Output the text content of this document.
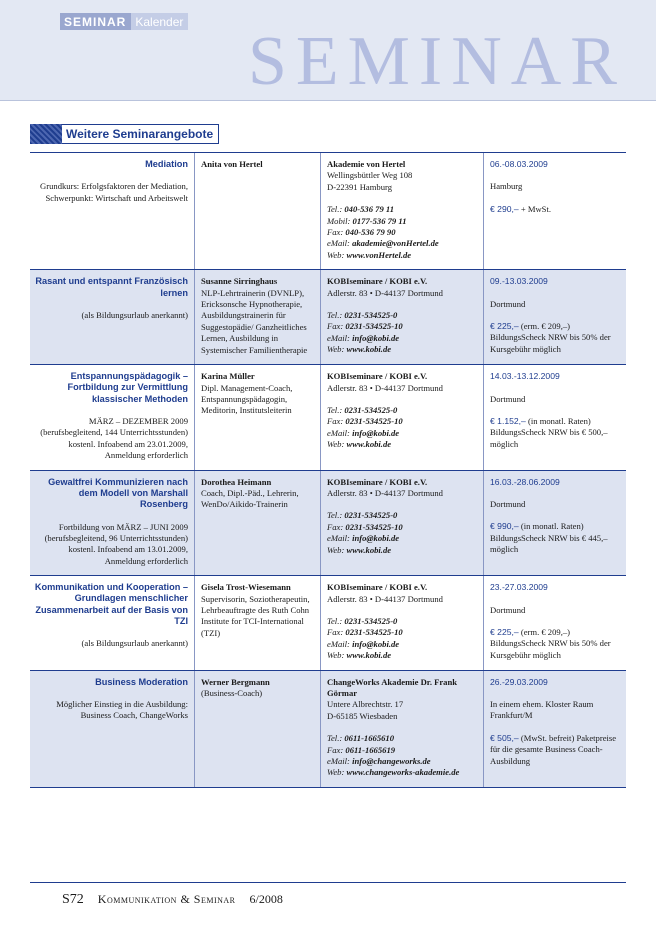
SEMINAR Kalender
SEMINAR
Weitere Seminarangebote
Mediation
Grundkurs: Erfolgsfaktoren der Mediation, Schwerpunkt: Wirtschaft und Arbeitswelt
Anita von Hertel	Akademie von Hertel
Wellingsbüttler Weg 108
D-22391 Hamburg
Tel.: 040-536 79 11
Mobil: 0177-536 79 11
Fax: 040-536 79 90
eMail: akademie@vonHertel.de
Web: www.vonHertel.de
06.-08.03.2009
Hamburg
€ 290,– + MwSt.
Rasant und entspannt Französisch lernen
(als Bildungsurlaub anerkannt)
Susanne Sirringhaus
NLP-Lehrtrainerin (DVNLP), Ericksonsche Hypnotherapie, Ausbildungstrainerin für Suggestopädie/ Ganzheitliches Lernen, Ausbildung in Systemischer Familientherapie
KOBIseminare / KOBI e.V.
Adlerstr. 83 • D-44137 Dortmund
Tel.: 0231-534525-0
Fax: 0231-534525-10
eMail: info@kobi.de
Web: www.kobi.de
09.-13.03.2009
Dortmund
€ 225,– (erm. € 209,–) BildungsScheck NRW bis 50% der Kursgebühr möglich
Entspannungspädagogik – Fortbildung zur Vermittlung klassischer Methoden
MÄRZ – DEZEMBER 2009 (berufsbegleitend, 144 Unterrichtsstunden) kostenl. Infoabend am 23.01.2009, Anmeldung erforderlich
Karina Müller
Dipl. Management-Coach, Entspannungspädagogin, Meditorin, Institutsleiterin
KOBIseminare / KOBI e.V.
Adlerstr. 83 • D-44137 Dortmund
Tel.: 0231-534525-0
Fax: 0231-534525-10
eMail: info@kobi.de
Web: www.kobi.de
14.03.-13.12.2009
Dortmund
€ 1.152,– (in monatl. Raten) BildungsScheck NRW bis € 500,– möglich
Gewaltfrei Kommunizieren nach dem Modell von Marshall Rosenberg
Fortbildung von MÄRZ – JUNI 2009 (berufsbegleitend, 96 Unterrichtsstunden) kostenl. Infoabend am 13.01.2009, Anmeldung erforderlich
Dorothea Heimann
Coach, Dipl.-Päd., Lehrerin, WenDo/Aikido-Trainerin
KOBIseminare / KOBI e.V.
Adlerstr. 83 • D-44137 Dortmund
Tel.: 0231-534525-0
Fax: 0231-534525-10
eMail: info@kobi.de
Web: www.kobi.de
16.03.-28.06.2009
Dortmund
€ 990,– (in monatl. Raten) BildungsScheck NRW bis € 445,– möglich
Kommunikation und Kooperation – Grundlagen menschlicher Zusammenarbeit auf der Basis von TZI
(als Bildungsurlaub anerkannt)
Gisela Trost-Wiesemann
Supervisorin, Soziotherapeutin, Lehrbeauftragte des Ruth Cohn Institute for TCI-International (TZI)
KOBIseminare / KOBI e.V.
Adlerstr. 83 • D-44137 Dortmund
Tel.: 0231-534525-0
Fax: 0231-534525-10
eMail: info@kobi.de
Web: www.kobi.de
23.-27.03.2009
Dortmund
€ 225,– (erm. € 209,–) BildungsScheck NRW bis 50% der Kursgebühr möglich
Business Moderation
Möglicher Einstieg in die Ausbildung: Business Coach, ChangeWorks
Werner Bergmann
(Business-Coach)
ChangeWorks Akademie Dr. Frank Görmar
Untere Albrechtstr. 17
D-65185 Wiesbaden
Tel.: 0611-1665610
Fax: 0611-1665619
eMail: info@changeworks.de
Web: www.changeworks-akademie.de
26.-29.03.2009
In einem ehem. Kloster Raum Frankfurt/M
€ 505,– (MwSt. befreit) Paketpreise für die gesamte Business Coach-Ausbildung
S72 Kommunikation & Seminar 6/2008
